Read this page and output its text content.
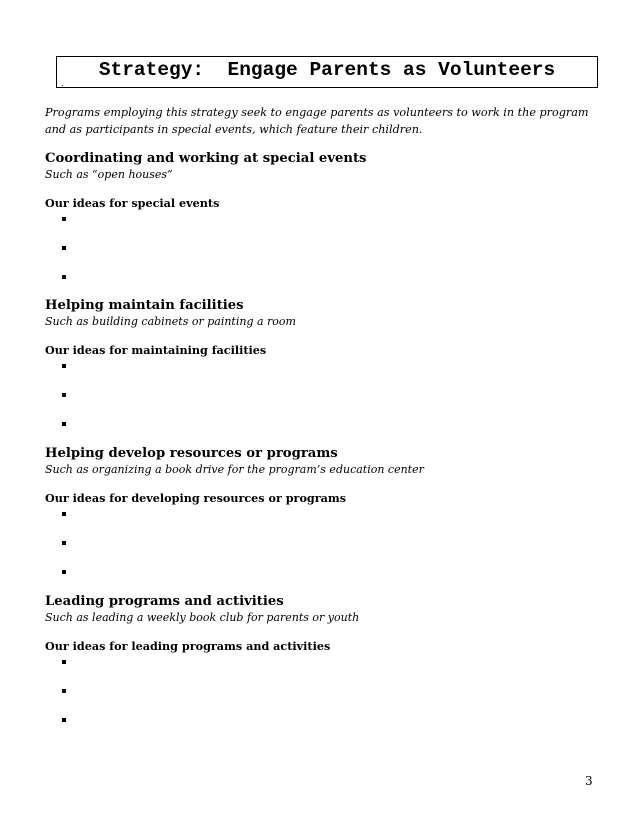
.
Strategy:  Engage Parents as Volunteers

Programs employing this strategy seek to engage parents as volunteers to work in the program and as participants in special events, which feature their children.

Coordinating and working at special events

Such as “open houses”

Our ideas for special events

Helping maintain facilities

Such as building cabinets or painting a room

Our ideas for maintaining facilities

Helping develop resources or programs

Such as organizing a book drive for the program’s education center

Our ideas for developing resources or programs

Leading programs and activities

Such as leading a weekly book club for parents or youth

Our ideas for leading programs and activities

3
